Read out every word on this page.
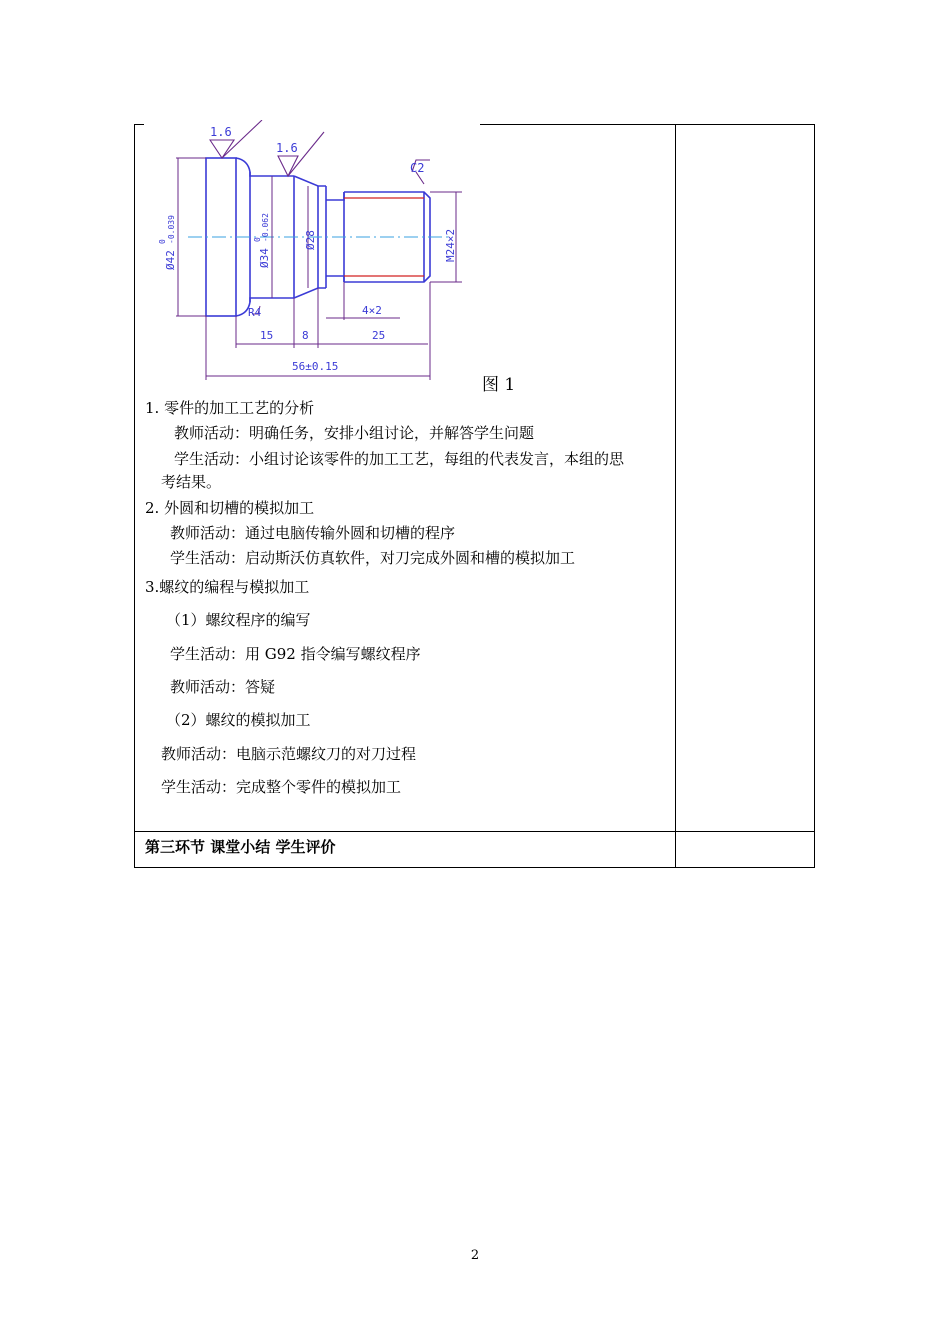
1.6
1.6
C2
Ø42
-0.039
0
Ø34
-0.062
0	Ø28	M24×2
R4	4×2
15	8	25
56±0.15
图 1
1. 零件的加工工艺的分析
教师活动：明确任务，安排小组讨论，并解答学生问题
学生活动：小组讨论该零件的加工工艺，每组的代表发言，本组的思
考结果。
2. 外圆和切槽的模拟加工
教师活动：通过电脑传输外圆和切槽的程序
学生活动：启动斯沃仿真软件，对刀完成外圆和槽的模拟加工
3.螺纹的编程与模拟加工
（1）螺纹程序的编写
学生活动：用 G92 指令编写螺纹程序
教师活动：答疑
（2）螺纹的模拟加工
教师活动：电脑示范螺纹刀的对刀过程
学生活动：完成整个零件的模拟加工
第三环节 课堂小结 学生评价
2
